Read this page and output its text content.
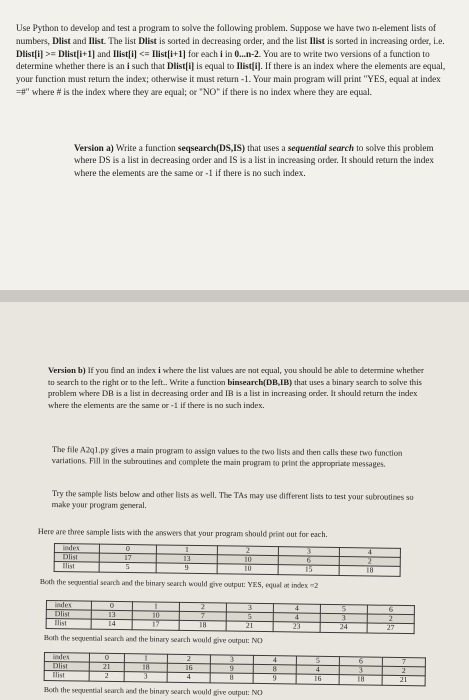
Use Python to develop and test a program to solve the following problem. Suppose we have two n-element lists of numbers, Dlist and Ilist. The list Dlist is sorted in decreasing order, and the list Ilist is sorted in increasing order, i.e. Dlist[i] >= Dlist[i+1] and Ilist[i] <= Ilist[i+1] for each i in 0...n-2. You are to write two versions of a function to determine whether there is an i such that Dlist[i] is equal to Ilist[i]. If there is an index where the elements are equal, your function must return the index; otherwise it must return -1. Your main program will print "YES, equal at index =#" where # is the index where they are equal; or "NO" if there is no index where they are equal.

Version a) Write a function seqsearch(DS,IS) that uses a sequential search to solve this problem where DS is a list in decreasing order and IS is a list in increasing order. It should return the index where the elements are the same or -1 if there is no such index.

Version b) If you find an index i where the list values are not equal, you should be able to determine whether to search to the right or to the left.. Write a function binsearch(DB,IB) that uses a binary search to solve this problem where DB is a list in decreasing order and IB is a list in increasing order. It should return the index where the elements are the same or -1 if there is no such index.

The file A2q1.py gives a main program to assign values to the two lists and then calls these two function variations. Fill in the subroutines and complete the main program to print the appropriate messages.

Try the sample lists below and other lists as well. The TAs may use different lists to test your subroutines so make your program general.

Here are three sample lists with the answers that your program should print out for each.

index	0	1	2	3	4
Dlist	17	13	10	6	2
Ilist	5	9	10	15	18
Both the sequential search and the binary search would give output: YES, equal at index =2
index	0	1	2	3	4	5	6
Dlist	13	10	7	5	4	3	2
Ilist	14	17	18	21	23	24	27
Both the sequential search and the binary search would give output: NO
index	0	1	2	3	4	5	6	7
Dlist	21	18	16	9	8	4	3	2
Ilist	2	3	4	8	9	16	18	21
Both the sequential search and the binary search would give output: NO
